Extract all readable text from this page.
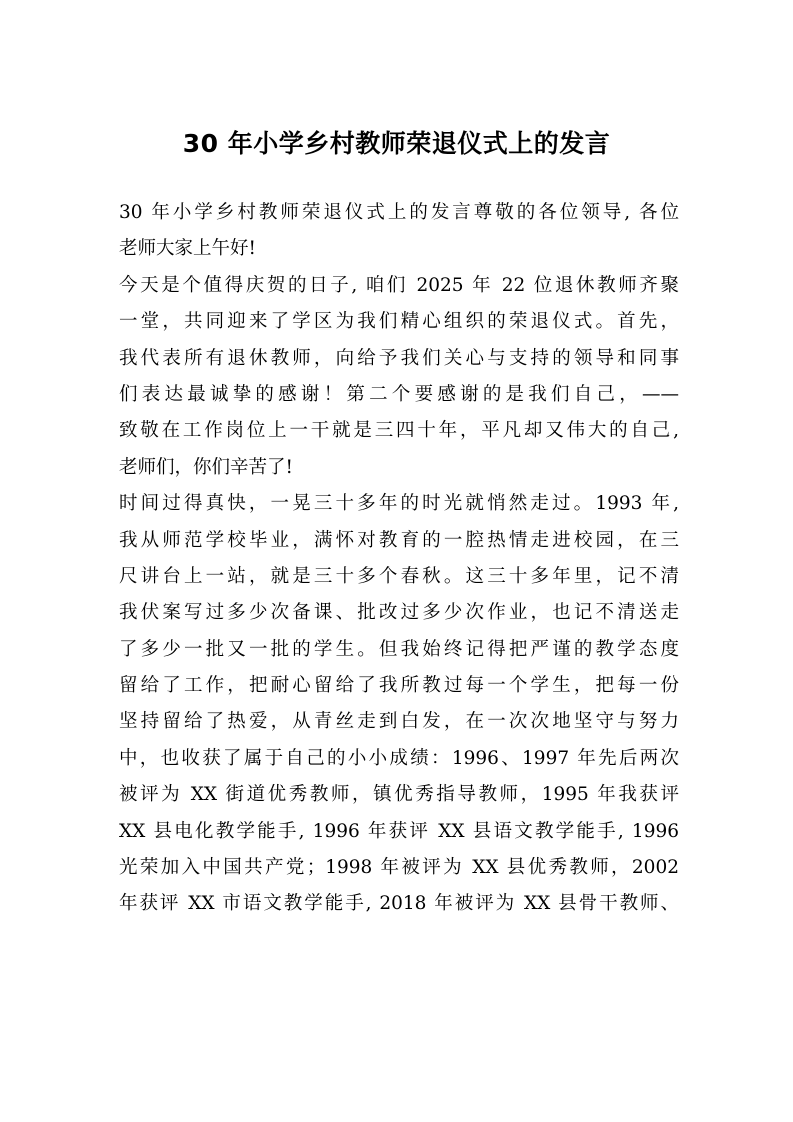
30 年小学乡村教师荣退仪式上的发言
30 年小学乡村教师荣退仪式上的发言尊敬的各位领导, 各位
老师大家上午好!
今天是个值得庆贺的日子, 咱们 2025 年 22 位退休教师齐聚
一堂，共同迎来了学区为我们精心组织的荣退仪式。首先，
我代表所有退休教师，向给予我们关心与支持的领导和同事
们表达最诚挚的感谢！第二个要感谢的是我们自己，——
致敬在工作岗位上一干就是三四十年，平凡却又伟大的自己,
老师们，你们辛苦了!
时间过得真快，一晃三十多年的时光就悄然走过。1993 年,
我从师范学校毕业，满怀对教育的一腔热情走进校园，在三
尺讲台上一站，就是三十多个春秋。这三十多年里，记不清
我伏案写过多少次备课、批改过多少次作业，也记不清送走
了多少一批又一批的学生。但我始终记得把严谨的教学态度
留给了工作，把耐心留给了我所教过每一个学生，把每一份
坚持留给了热爱，从青丝走到白发，在一次次地坚守与努力
中，也收获了属于自己的小小成绩：1996、1997 年先后两次
被评为 XX 街道优秀教师，镇优秀指导教师，1995 年我获评
XX 县电化教学能手, 1996 年获评 XX 县语文教学能手, 1996
光荣加入中国共产党；1998 年被评为 XX 县优秀教师，2002
年获评 XX 市语文教学能手, 2018 年被评为 XX 县骨干教师、
